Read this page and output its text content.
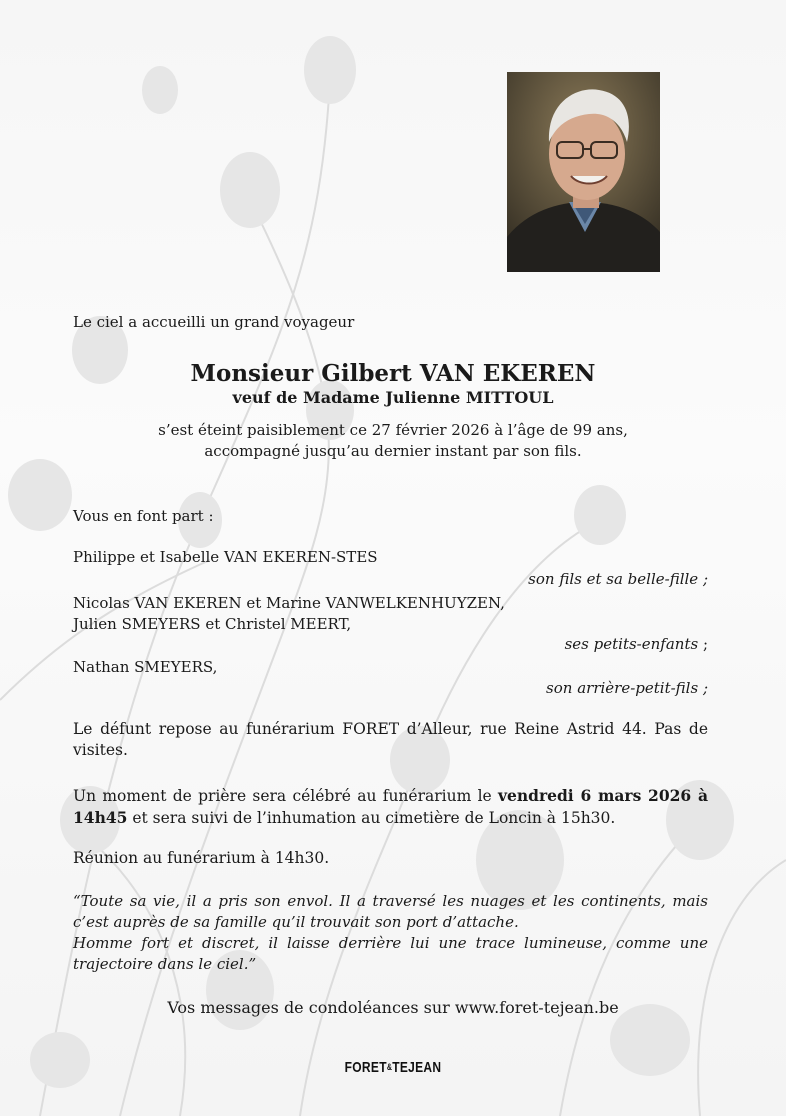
Le ciel a accueilli un grand voyageur

Monsieur Gilbert VAN EKEREN

veuf de Madame Julienne MITTOUL

s’est éteint paisiblement ce 27 février 2026 à l’âge de 99 ans,

accompagné jusqu’au dernier instant par son fils.

Vous en font part :

Philippe et Isabelle VAN EKEREN-STES

son fils et sa belle-fille ;

Nicolas VAN EKEREN et Marine VANWELKENHUYZEN,

Julien SMEYERS et Christel MEERT,

ses petits-enfants ;

Nathan SMEYERS,

son arrière-petit-fils ;

Le défunt repose au funérarium FORET d’Alleur, rue Reine Astrid 44. Pas de visites.

Un moment de prière sera célébré au funérarium le vendredi 6 mars 2026 à 14h45 et sera suivi de l’inhumation au cimetière de Loncin à 15h30.

Réunion au funérarium à 14h30.

“Toute sa vie, il a pris son envol. Il a traversé les nuages et les continents, mais c’est auprès de sa famille qu’il trouvait son port d’attache.
Homme fort et discret, il laisse derrière lui une trace lumineuse, comme une trajectoire dans le ciel.”

Vos messages de condoléances sur www.foret-tejean.be

FORET&TEJEAN
